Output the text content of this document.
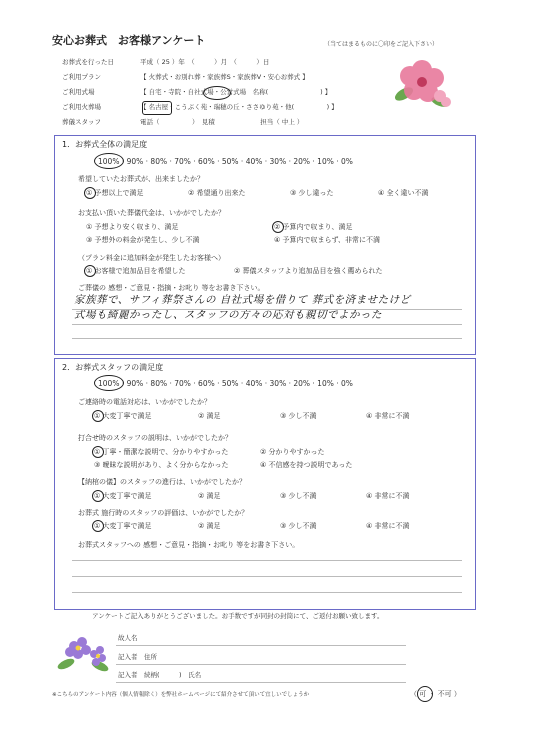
安心お葬式　お客様アンケート	（当てはまるものに〇印をご記入下さい）
お葬式を行った日	平成（ 25 ）年　（　　　）月　（　　　）日
ご利用プラン	【 火葬式・お別れ葬・家族葬S・家族葬V・安心お葬式 】
ご利用式場	【 自宅・寺院・自社式場・公営式場　名称(　　　　　　　　) 】
ご利用火葬場	【 名古屋・こうぶく苑・瑞穂の丘・ささゆり苑・他(　　　　　) 】
葬儀スタッフ	電話（　　　　　）　見積　　　　　　　担当（ 中上 ）
1．お葬式全体の満足度
100% · 90% · 80% · 70% · 60% · 50% · 40% · 30% · 20% · 10% · 0%
希望していたお葬式が、出来ましたか？
① 予想以上で満足	② 希望通り出来た	③ 少し違った	④ 全く違い不満
お支払い頂いた葬儀代金は、いかがでしたか？
① 予想より安く収まり、満足	② 予算内で収まり、満足
③ 予想外の料金が発生し、少し不満	④ 予算内で収まらず、非常に不満
（プラン料金に追加料金が発生したお客様へ）
① お客様で追加品目を希望した	② 葬儀スタッフより追加品目を強く薦められた
ご葬儀の 感想・ご意見・指摘・お叱り 等をお書き下さい。
家族葬で、サフィ葬祭さんの 自社式場を借りて 葬式を済ませたけど
式場も綺麗かったし、スタッフの方々の応対も親切でよかった
2．お葬式スタッフの満足度
100% · 90% · 80% · 70% · 60% · 50% · 40% · 30% · 20% · 10% · 0%
ご連絡時の電話対応は、いかがでしたか？
① 大変丁寧で満足	② 満足	③ 少し不満	④ 非常に不満
打合せ時のスタッフの説明は、いかがでしたか？
① 丁寧・簡潔な説明で、分かりやすかった	② 分かりやすかった
③ 曖昧な説明があり、よく分からなかった	④ 不信感を持つ説明であった
【納棺の儀】のスタッフの進行は、いかがでしたか？
① 大変丁寧で満足	② 満足	③ 少し不満	④ 非常に不満
お葬式 施行時のスタッフの評価は、いかがでしたか？
① 大変丁寧で満足	② 満足	③ 少し不満	④ 非常に不満
お葬式スタッフへの 感想・ご意見・指摘・お叱り 等をお書き下さい。
アンケートご記入ありがとうございました。お手数ですが同封の封筒にて、ご返付お願い致します。
故人名
記入者　住所
記入者　続柄(　　　)　氏名
※こちらのアンケート内容（個人情報除く）を弊社ホームページにて紹介させて頂いて宜しいでしょうか	（ 可 ・ 不可 ）
